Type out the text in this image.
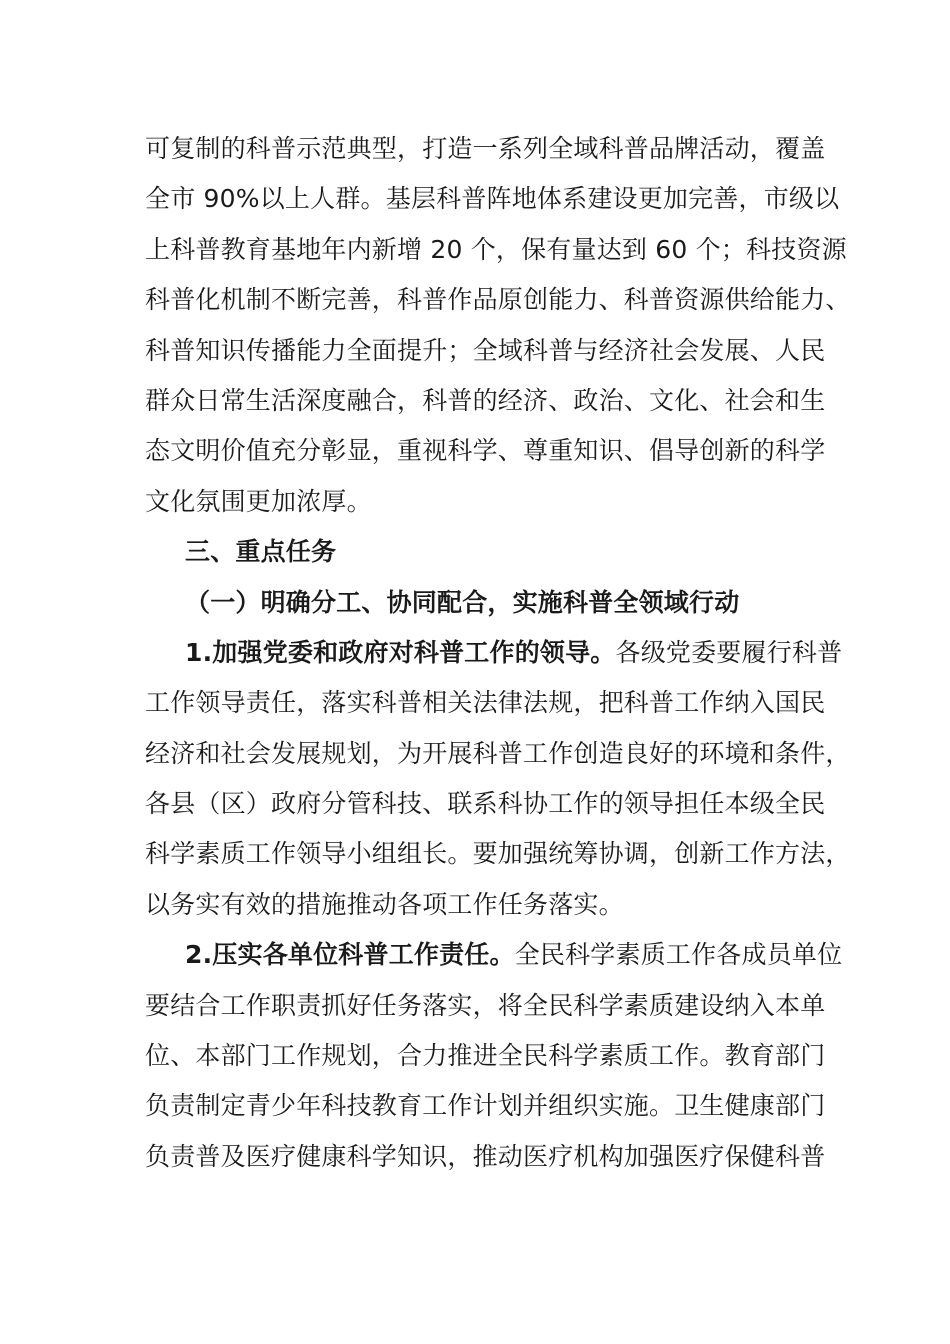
可复制的科普示范典型，打造一系列全域科普品牌活动，覆盖
全市 90%以上人群。基层科普阵地体系建设更加完善，市级以
上科普教育基地年内新增 20 个，保有量达到 60 个；科技资源
科普化机制不断完善，科普作品原创能力、科普资源供给能力、
科普知识传播能力全面提升；全域科普与经济社会发展、人民
群众日常生活深度融合，科普的经济、政治、文化、社会和生
态文明价值充分彰显，重视科学、尊重知识、倡导创新的科学
文化氛围更加浓厚。
三、重点任务
（一）明确分工、协同配合，实施科普全领域行动
1.加强党委和政府对科普工作的领导。各级党委要履行科普
工作领导责任，落实科普相关法律法规，把科普工作纳入国民
经济和社会发展规划，为开展科普工作创造良好的环境和条件，
各县（区）政府分管科技、联系科协工作的领导担任本级全民
科学素质工作领导小组组长。要加强统筹协调，创新工作方法，
以务实有效的措施推动各项工作任务落实。
2.压实各单位科普工作责任。全民科学素质工作各成员单位
要结合工作职责抓好任务落实，将全民科学素质建设纳入本单
位、本部门工作规划，合力推进全民科学素质工作。教育部门
负责制定青少年科技教育工作计划并组织实施。卫生健康部门
负责普及医疗健康科学知识，推动医疗机构加强医疗保健科普
